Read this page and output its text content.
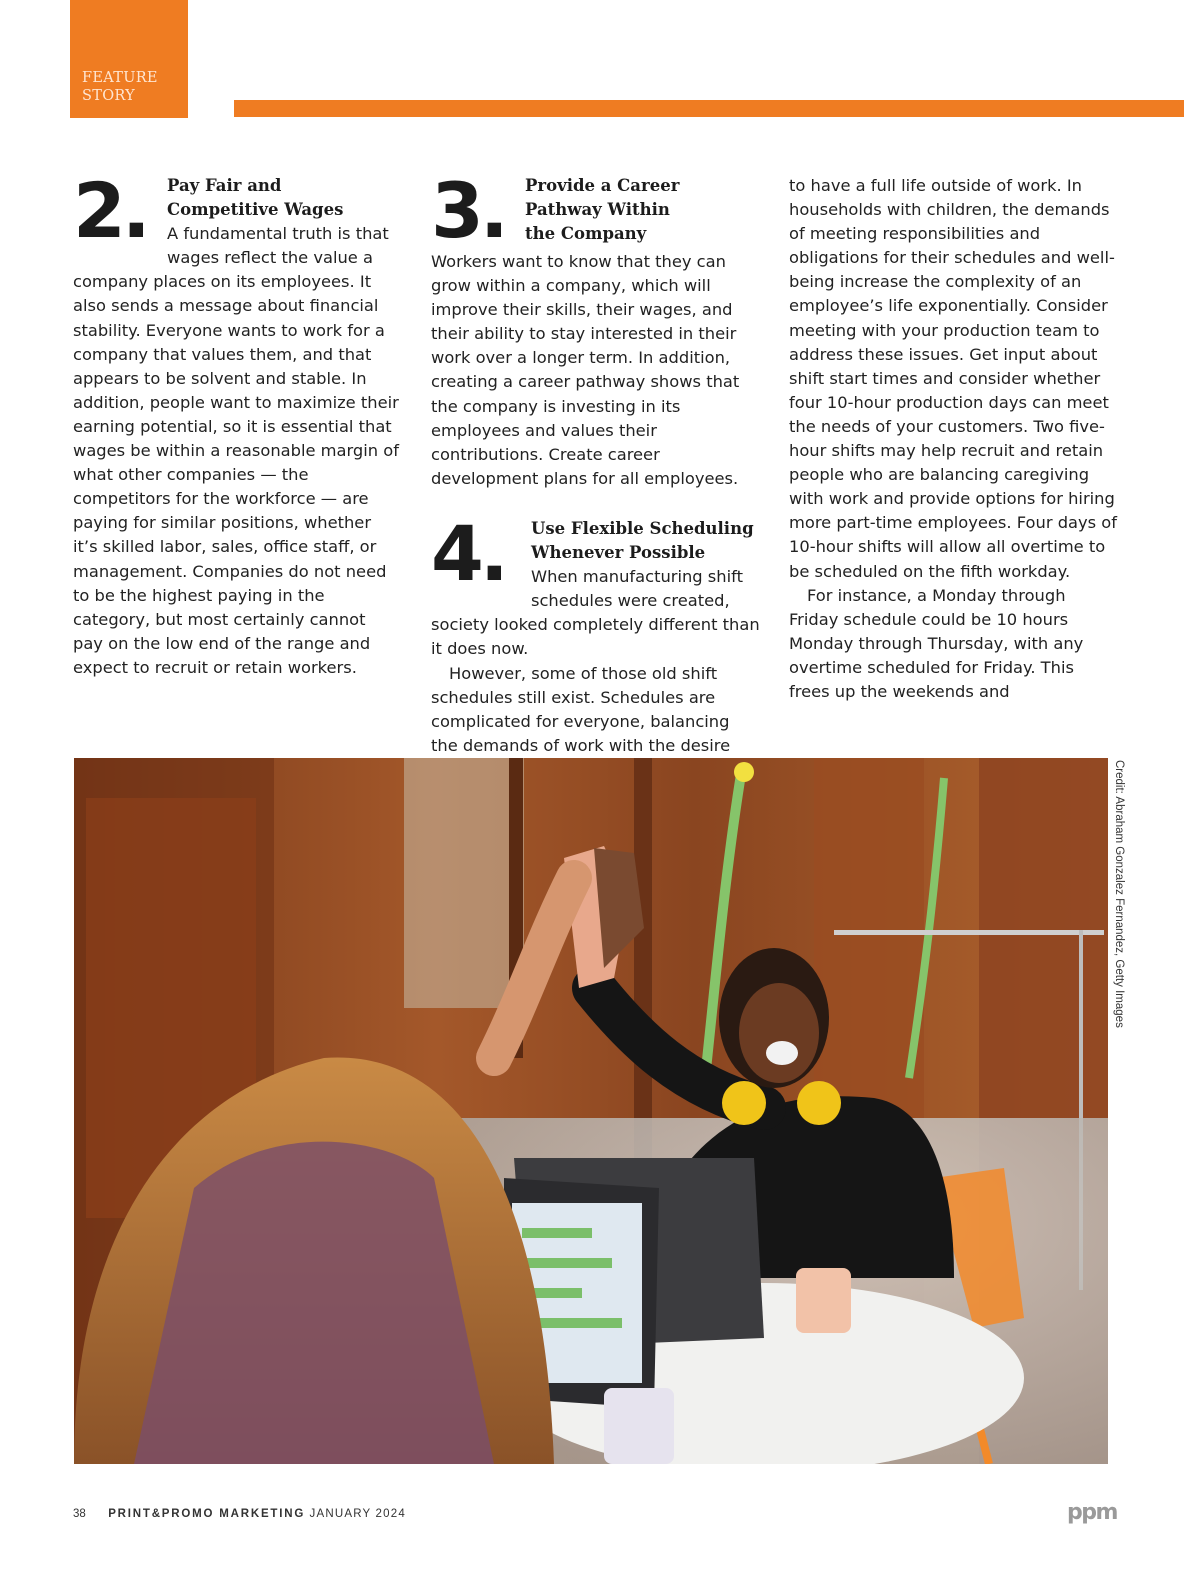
FEATURE
STORY
2.	Pay Fair and
Competitive Wages

A fundamental truth is that wages reflect the value a company places on its employees. It also sends a message about financial stability. Everyone wants to work for a company that values them, and that appears to be solvent and stable. In addition, people want to maximize their earning potential, so it is essential that wages be within a reasonable margin of what other companies — the competitors for the workforce — are paying for similar positions, whether it’s skilled labor, sales, office staff, or management. Companies do not need to be the highest paying in the category, but most certainly cannot pay on the low end of the range and expect to recruit or retain workers.

3.	Provide a Career
Pathway Within
the Company

Workers want to know that they can grow within a company, which will improve their skills, their wages, and their ability to stay interested in their work over a longer term. In addition, creating a career pathway shows that the company is investing in its employees and values their contributions. Create career development plans for all employees.

4.	Use Flexible Scheduling
Whenever Possible

When manufacturing shift schedules were created, society looked completely different than it does now.

However, some of those old shift schedules still exist. Schedules are complicated for everyone, balancing the demands of work with the desire

to have a full life outside of work. In households with children, the demands of meeting responsibilities and obligations for their schedules and well-being increase the complexity of an employee’s life exponentially. Consider meeting with your production team to address these issues. Get input about shift start times and consider whether four 10-hour production days can meet the needs of your customers. Two five-hour shifts may help recruit and retain people who are balancing caregiving with work and provide options for hiring more part-time employees. Four days of 10-hour shifts will allow all overtime to be scheduled on the fifth workday.

For instance, a Monday through Friday schedule could be 10 hours Monday through Thursday, with any overtime scheduled for Friday. This frees up the weekends and

Credit: Abraham Gonzalez Fernandez, Getty Images
38 PRINT&PROMO MARKETING JANUARY 2024	ppm
